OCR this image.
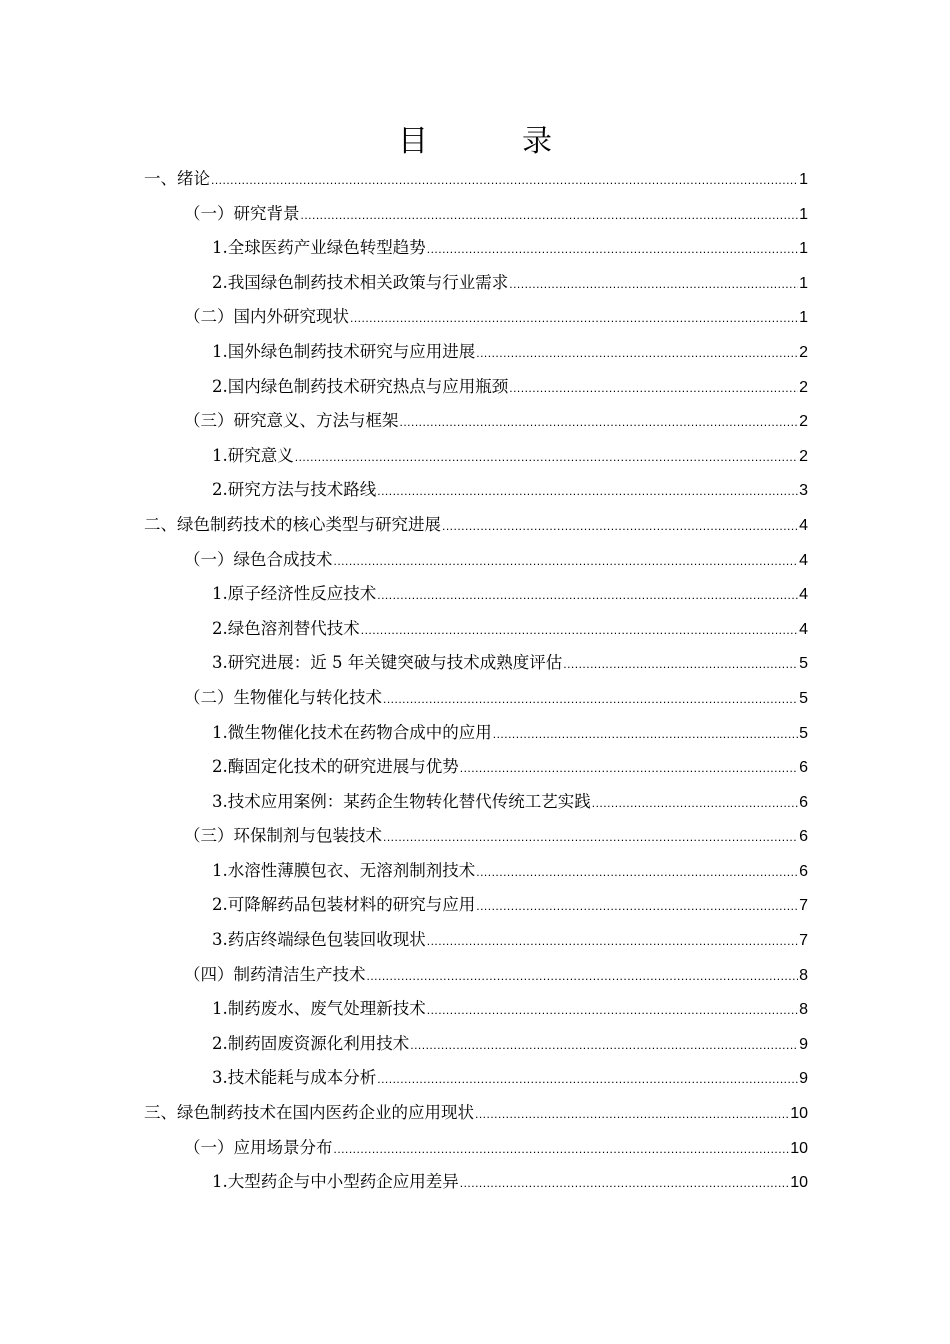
目　录
一、绪论 .....	1
（一）研究背景 .....	1
1.全球医药产业绿色转型趋势 .....	1
2.我国绿色制药技术相关政策与行业需求 .....	1
（二）国内外研究现状 .....	1
1.国外绿色制药技术研究与应用进展 .....	2
2.国内绿色制药技术研究热点与应用瓶颈 .....	2
（三）研究意义、方法与框架 .....	2
1.研究意义 .....	2
2.研究方法与技术路线 .....	3
二、绿色制药技术的核心类型与研究进展 .....	4
（一）绿色合成技术 .....	4
1.原子经济性反应技术 .....	4
2.绿色溶剂替代技术 .....	4
3.研究进展：近 5 年关键突破与技术成熟度评估 .....	5
（二）生物催化与转化技术 .....	5
1.微生物催化技术在药物合成中的应用 .....	5
2.酶固定化技术的研究进展与优势 .....	6
3.技术应用案例：某药企生物转化替代传统工艺实践 .....	6
（三）环保制剂与包装技术 .....	6
1.水溶性薄膜包衣、无溶剂制剂技术 .....	6
2.可降解药品包装材料的研究与应用 .....	7
3.药店终端绿色包装回收现状 .....	7
（四）制药清洁生产技术 .....	8
1.制药废水、废气处理新技术 .....	8
2.制药固废资源化利用技术 .....	9
3.技术能耗与成本分析 .....	9
三、绿色制药技术在国内医药企业的应用现状 .....	10
（一）应用场景分布 .....	10
1.大型药企与中小型药企应用差异 .....	10
